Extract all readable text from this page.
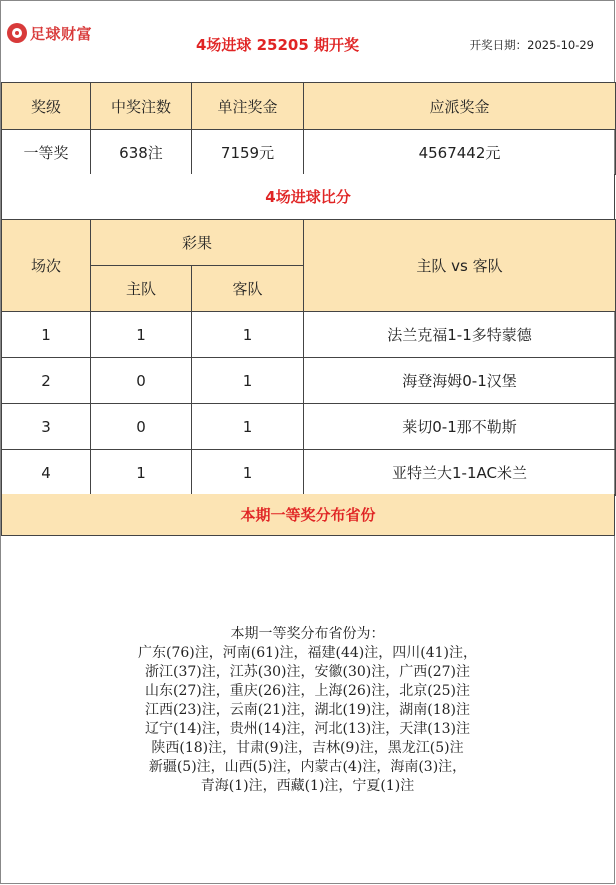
足球财富
4场进球 25205 期开奖	开奖日期：2025-10-29
奖级	中奖注数	单注奖金	应派奖金
一等奖	638注	7159元	4567442元
4场进球比分
场次	彩果		主队 vs 客队
	主队	客队	
1	1	1	法兰克福1-1多特蒙德
2	0	1	海登海姆0-1汉堡
3	0	1	莱切0-1那不勒斯
4	1	1	亚特兰大1-1AC米兰
本期一等奖分布省份
本期一等奖分布省份为：
广东(76)注，河南(61)注，福建(44)注，四川(41)注，
浙江(37)注，江苏(30)注，安徽(30)注，广西(27)注
山东(27)注，重庆(26)注，上海(26)注，北京(25)注
江西(23)注，云南(21)注，湖北(19)注，湖南(18)注
辽宁(14)注，贵州(14)注，河北(13)注，天津(13)注
陕西(18)注，甘肃(9)注，吉林(9)注，黑龙江(5)注
新疆(5)注，山西(5)注，内蒙古(4)注，海南(3)注，
青海(1)注，西藏(1)注，宁夏(1)注
